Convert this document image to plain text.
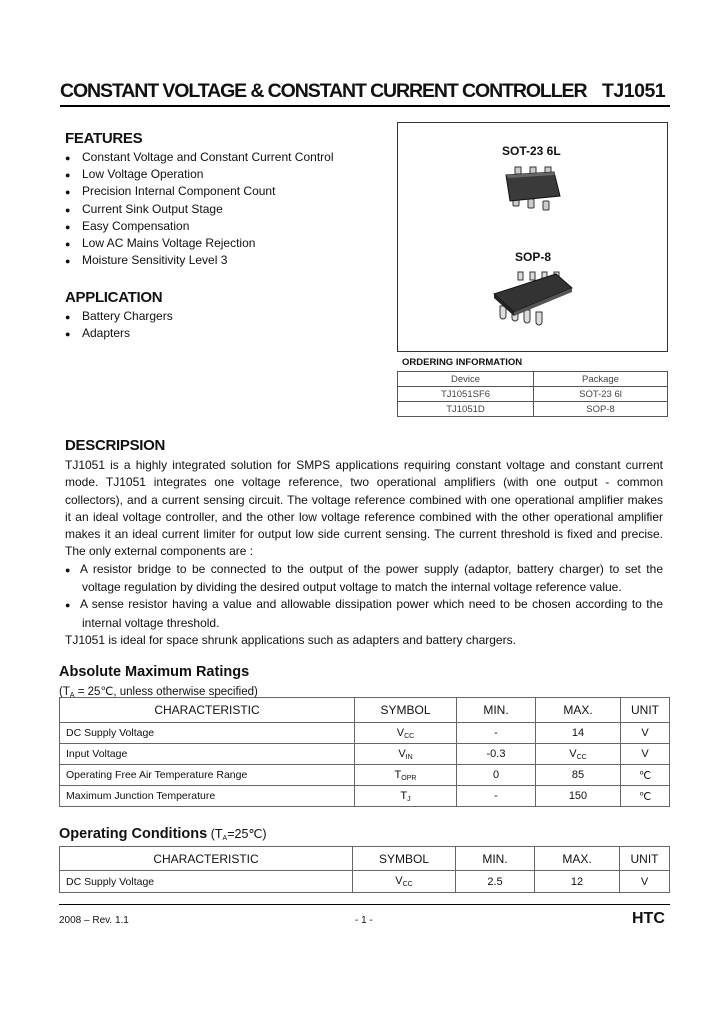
CONSTANT VOLTAGE & CONSTANT CURRENT CONTROLLER TJ1051
FEATURES
● Constant Voltage and Constant Current Control
● Low Voltage Operation
● Precision Internal Component Count
● Current Sink Output Stage
● Easy Compensation
● Low AC Mains Voltage Rejection
● Moisture Sensitivity Level 3
APPLICATION
● Battery Chargers
● Adapters
SOT-23 6L
SOP-8
ORDERING INFORMATION
Device	Package
TJ1051SF6	SOT-23 6l
TJ1051D	SOP-8
DESCRIPSION
TJ1051 is a highly integrated solution for SMPS applications requiring constant voltage and constant current
mode. TJ1051 integrates one voltage reference, two operational amplifiers (with one output - common
collectors), and a current sensing circuit. The voltage reference combined with one operational amplifier makes
it an ideal voltage controller, and the other low voltage reference combined with the other operational amplifier
makes it an ideal current limiter for output low side current sensing. The current threshold is fixed and precise.
The only external components are :
● A resistor bridge to be connected to the output of the power supply (adaptor, battery charger) to set the
voltage regulation by dividing the desired output voltage to match the internal voltage reference value.
● A sense resistor having a value and allowable dissipation power which need to be chosen according to the
internal voltage threshold.
TJ1051 is ideal for space shrunk applications such as adapters and battery chargers.
Absolute Maximum Ratings
($T_A$ = 25℃, unless otherwise specified)
CHARACTERISTIC	SYMBOL	MIN.	MAX.	UNIT
DC Supply Voltage	$V_{CC}$	-	14	V
Input Voltage	$V_{IN}$	-0.3	$V_{CC}$	V
Operating Free Air Temperature Range	$T_{OPR}$	0	85	℃
Maximum Junction Temperature	$T_J$	-	150	℃
Operating Conditions $(T_A=25℃)$
CHARACTERISTIC	SYMBOL	MIN.	MAX.	UNIT
DC Supply Voltage	$V_{CC}$	2.5	12	V
2008 – Rev. 1.1	- 1 -	HTC
